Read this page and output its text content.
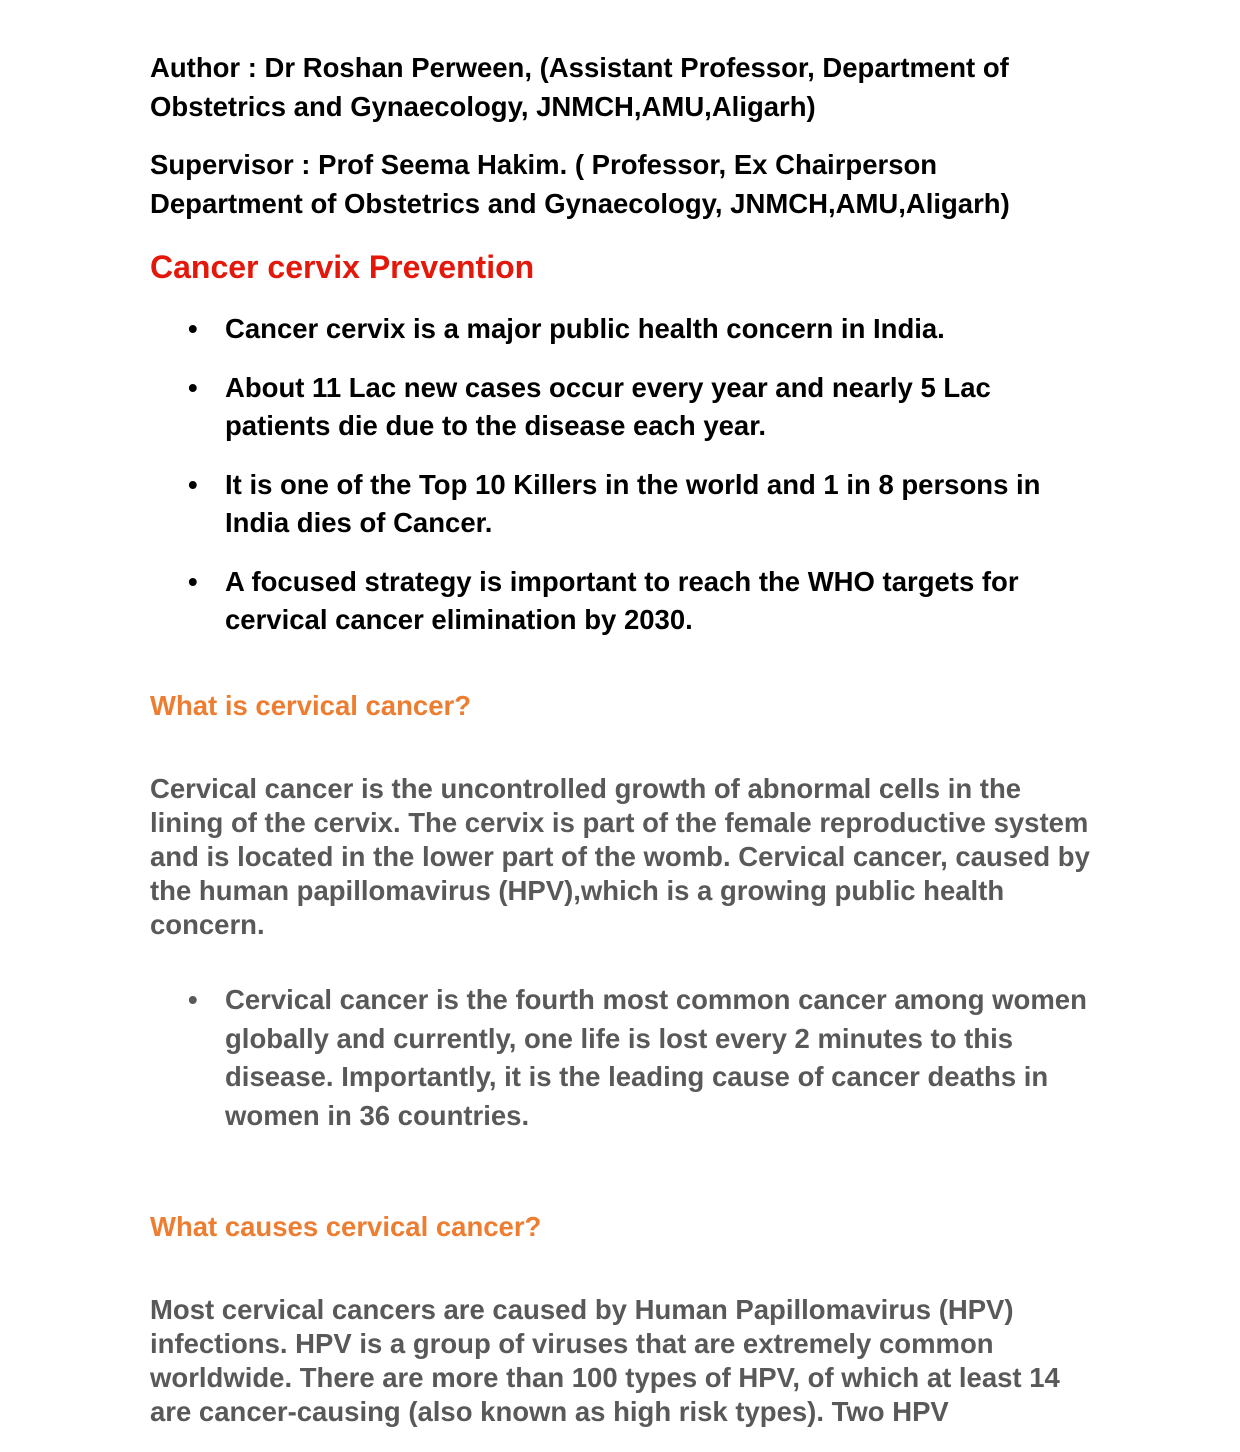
Author : Dr Roshan Perween, (Assistant Professor, Department of Obstetrics and Gynaecology, JNMCH,AMU,Aligarh)

Supervisor : Prof Seema Hakim. ( Professor, Ex Chairperson Department of Obstetrics and Gynaecology, JNMCH,AMU,Aligarh)

Cancer cervix Prevention
• Cancer cervix is a major public health concern in India.
• About 11 Lac new cases occur every year and nearly 5 Lac patients die due to the disease each year.
• It is one of the Top 10 Killers in the world and 1 in 8 persons in India dies of Cancer.
• A focused strategy is important to reach the WHO targets for cervical cancer elimination by 2030.
What is cervical cancer?

Cervical cancer is the uncontrolled growth of abnormal cells in the lining of the cervix. The cervix is part of the female reproductive system and is located in the lower part of the womb. Cervical cancer, caused by the human papillomavirus (HPV),which is a growing public health concern.

• Cervical cancer is the fourth most common cancer among women globally and currently, one life is lost every 2 minutes to this disease. Importantly, it is the leading cause of cancer deaths in women in 36 countries.
What causes cervical cancer?

Most cervical cancers are caused by Human Papillomavirus (HPV) infections. HPV is a group of viruses that are extremely common worldwide. There are more than 100 types of HPV, of which at least 14 are cancer-causing (also known as high risk types). Two HPV
